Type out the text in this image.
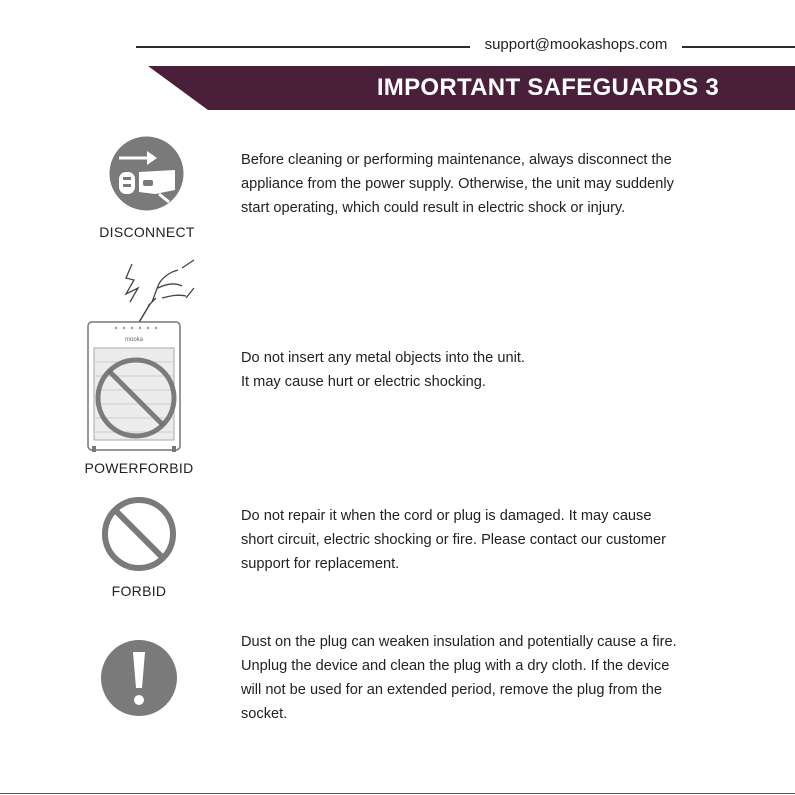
support@mookashops.com
IMPORTANT SAFEGUARDS 3
DISCONNECT

Before cleaning or performing maintenance, always disconnect the

appliance from the power supply. Otherwise, the unit may suddenly

start operating, which could result in electric shock or injury.

mooka
POWERFORBID

Do not insert any metal objects into the unit.

It may cause hurt or electric shocking.

FORBID

Do not repair it when the cord or plug is damaged. It may cause

short circuit, electric shocking or fire. Please contact our customer

support for replacement.

Dust on the plug can weaken insulation and potentially cause a fire.

Unplug the device and clean the plug with a dry cloth. If the device

will not be used for an extended period, remove the plug from the

socket.
